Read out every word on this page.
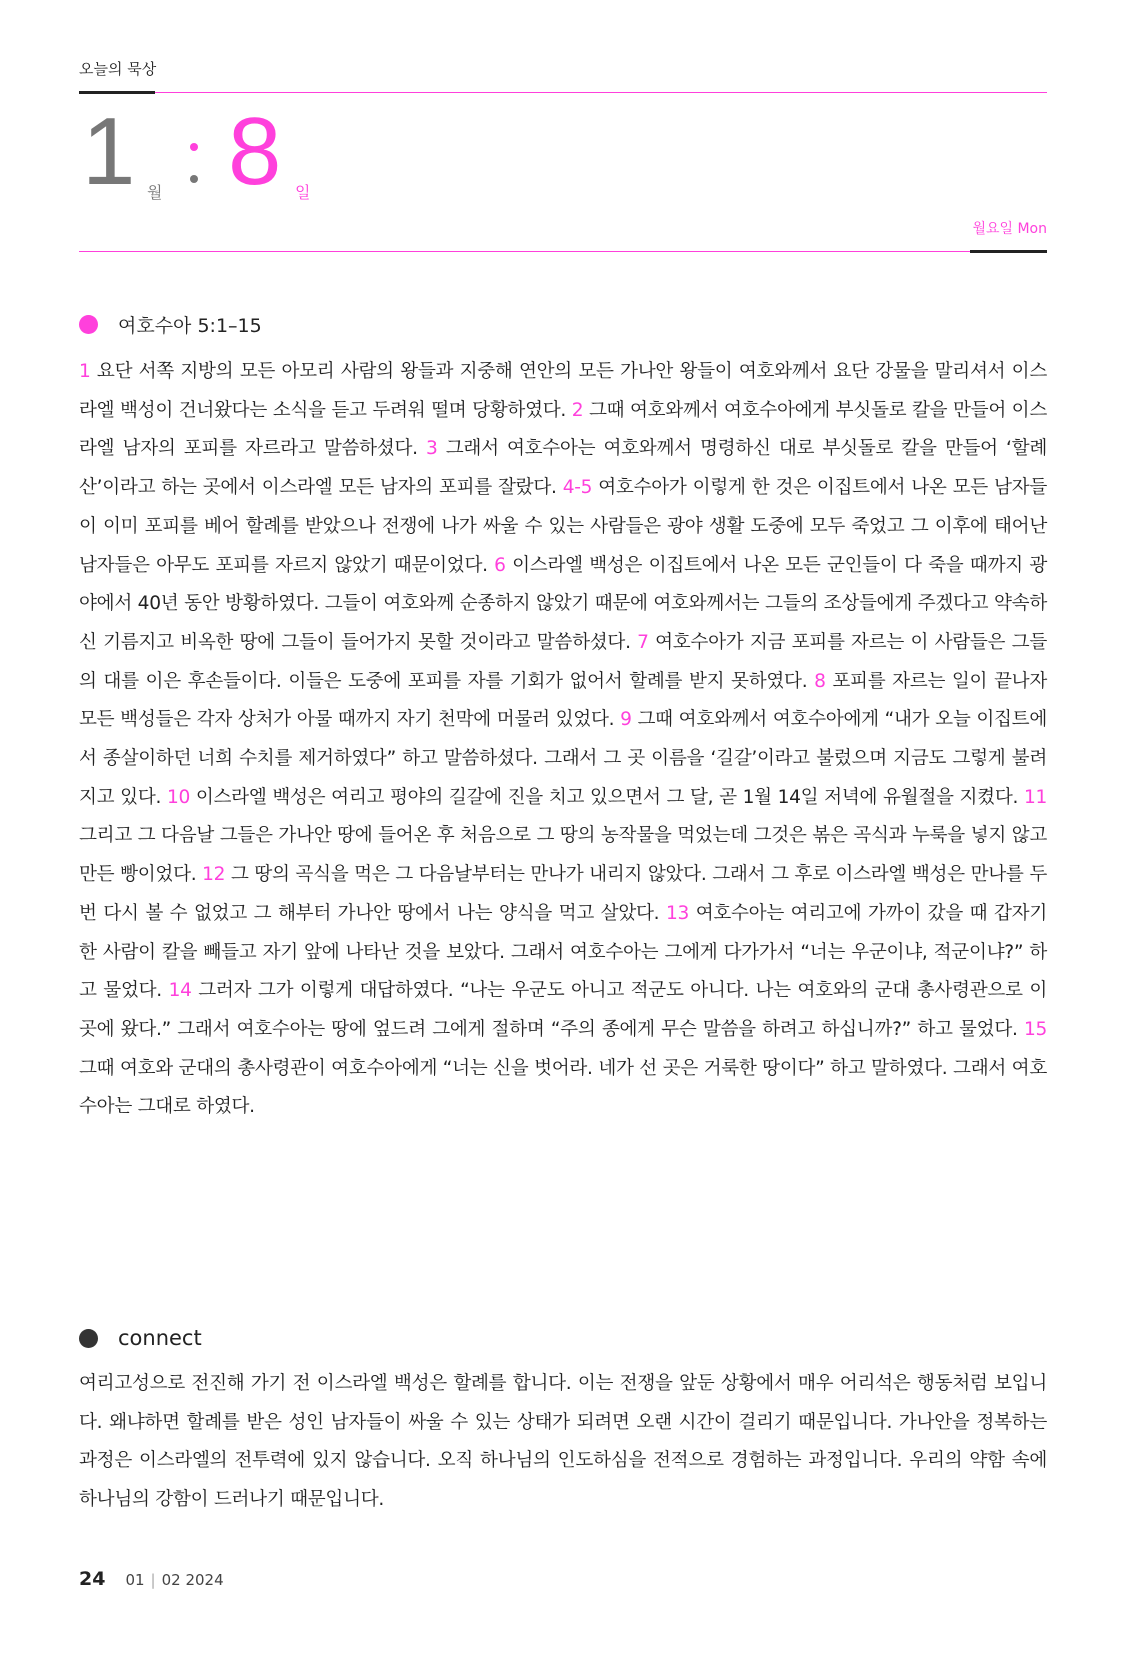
오늘의 묵상
1 월 8 일
월요일 Mon
여호수아 5:1–15
1 요단 서쪽 지방의 모든 아모리 사람의 왕들과 지중해 연안의 모든 가나안 왕들이 여호와께서 요단 강물을 말리셔서 이스라엘 백성이 건너왔다는 소식을 듣고 두려워 떨며 당황하였다. 2 그때 여호와께서 여호수아에게 부싯돌로 칼을 만들어 이스라엘 남자의 포피를 자르라고 말씀하셨다. 3 그래서 여호수아는 여호와께서 명령하신 대로 부싯돌로 칼을 만들어 ‘할례산’이라고 하는 곳에서 이스라엘 모든 남자의 포피를 잘랐다. 4-5 여호수아가 이렇게 한 것은 이집트에서 나온 모든 남자들이 이미 포피를 베어 할례를 받았으나 전쟁에 나가 싸울 수 있는 사람들은 광야 생활 도중에 모두 죽었고 그 이후에 태어난 남자들은 아무도 포피를 자르지 않았기 때문이었다. 6 이스라엘 백성은 이집트에서 나온 모든 군인들이 다 죽을 때까지 광야에서 40년 동안 방황하였다. 그들이 여호와께 순종하지 않았기 때문에 여호와께서는 그들의 조상들에게 주겠다고 약속하신 기름지고 비옥한 땅에 그들이 들어가지 못할 것이라고 말씀하셨다. 7 여호수아가 지금 포피를 자르는 이 사람들은 그들의 대를 이은 후손들이다. 이들은 도중에 포피를 자를 기회가 없어서 할례를 받지 못하였다. 8 포피를 자르는 일이 끝나자 모든 백성들은 각자 상처가 아물 때까지 자기 천막에 머물러 있었다. 9 그때 여호와께서 여호수아에게 “내가 오늘 이집트에서 종살이하던 너희 수치를 제거하였다” 하고 말씀하셨다. 그래서 그 곳 이름을 ‘길갈’이라고 불렀으며 지금도 그렇게 불려지고 있다. 10 이스라엘 백성은 여리고 평야의 길갈에 진을 치고 있으면서 그 달, 곧 1월 14일 저녁에 유월절을 지켰다. 11 그리고 그 다음날 그들은 가나안 땅에 들어온 후 처음으로 그 땅의 농작물을 먹었는데 그것은 볶은 곡식과 누룩을 넣지 않고 만든 빵이었다. 12 그 땅의 곡식을 먹은 그 다음날부터는 만나가 내리지 않았다. 그래서 그 후로 이스라엘 백성은 만나를 두 번 다시 볼 수 없었고 그 해부터 가나안 땅에서 나는 양식을 먹고 살았다. 13 여호수아는 여리고에 가까이 갔을 때 갑자기 한 사람이 칼을 빼들고 자기 앞에 나타난 것을 보았다. 그래서 여호수아는 그에게 다가가서 “너는 우군이냐, 적군이냐?” 하고 물었다. 14 그러자 그가 이렇게 대답하였다. “나는 우군도 아니고 적군도 아니다. 나는 여호와의 군대 총사령관으로 이 곳에 왔다.” 그래서 여호수아는 땅에 엎드려 그에게 절하며 “주의 종에게 무슨 말씀을 하려고 하십니까?” 하고 물었다. 15 그때 여호와 군대의 총사령관이 여호수아에게 “너는 신을 벗어라. 네가 선 곳은 거룩한 땅이다” 하고 말하였다. 그래서 여호수아는 그대로 하였다.
connect
여리고성으로 전진해 가기 전 이스라엘 백성은 할례를 합니다. 이는 전쟁을 앞둔 상황에서 매우 어리석은 행동처럼 보입니다. 왜냐하면 할례를 받은 성인 남자들이 싸울 수 있는 상태가 되려면 오랜 시간이 걸리기 때문입니다. 가나안을 정복하는 과정은 이스라엘의 전투력에 있지 않습니다. 오직 하나님의 인도하심을 전적으로 경험하는 과정입니다. 우리의 약함 속에 하나님의 강함이 드러나기 때문입니다.
24 01 | 02 2024
